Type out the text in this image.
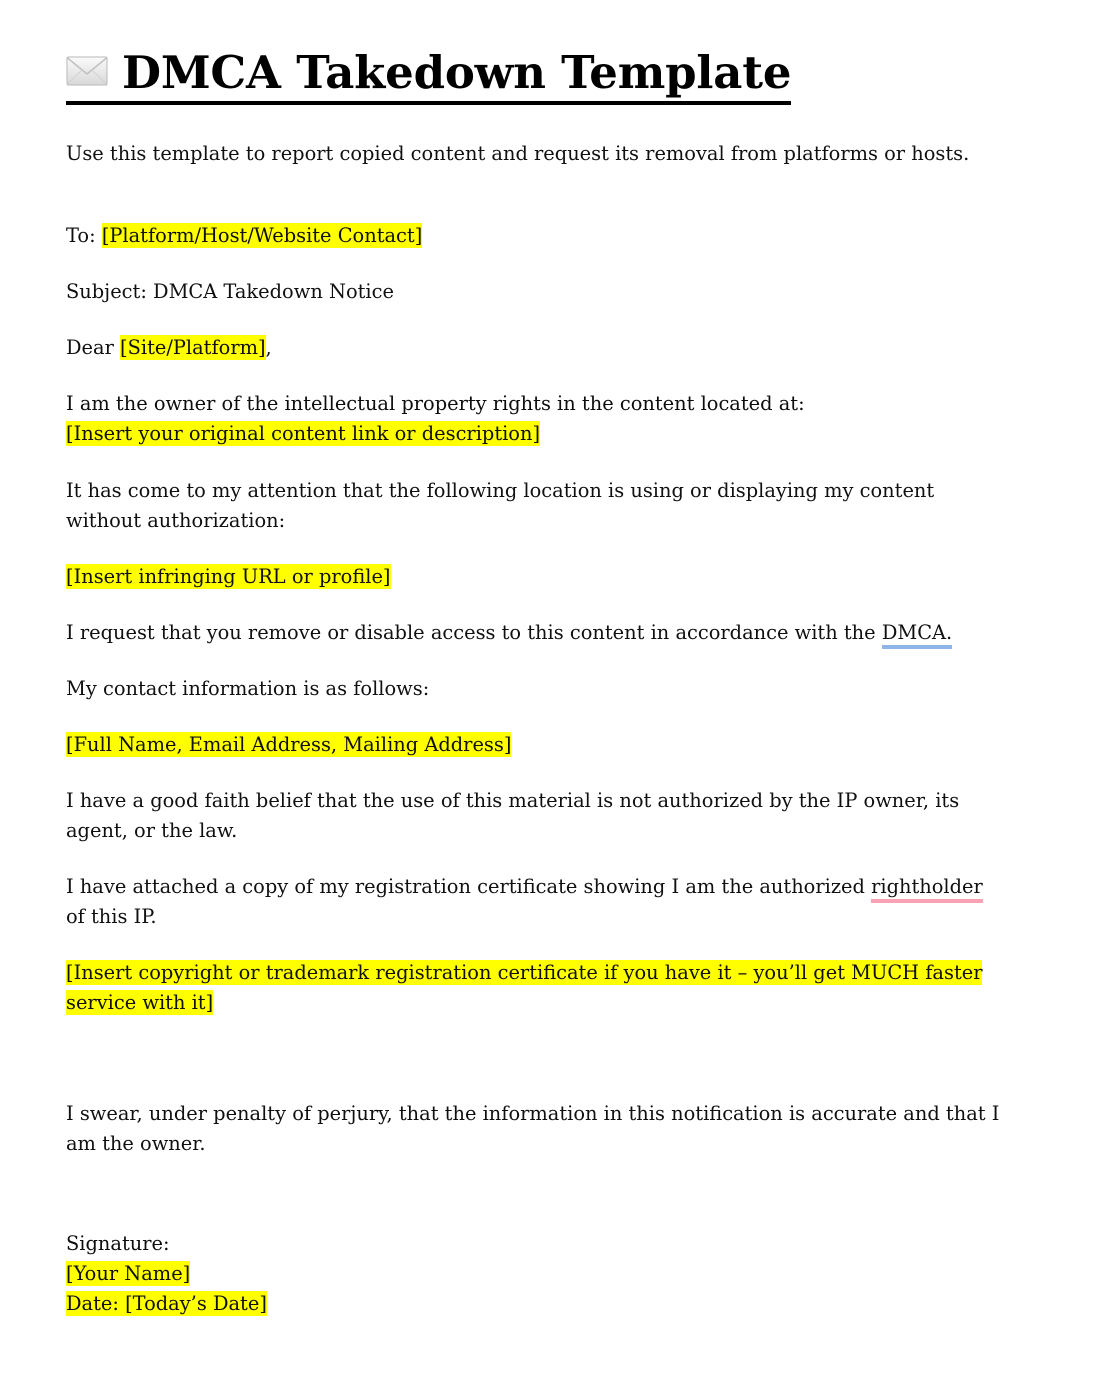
DMCA Takedown Template

Use this template to report copied content and request its removal from platforms or hosts.

To: [Platform/Host/Website Contact]

Subject: DMCA Takedown Notice

Dear [Site/Platform],

I am the owner of the intellectual property rights in the content located at:
[Insert your original content link or description]

It has come to my attention that the following location is using or displaying my content without authorization:

[Insert infringing URL or profile]

I request that you remove or disable access to this content in accordance with the DMCA.

My contact information is as follows:

[Full Name, Email Address, Mailing Address]

I have a good faith belief that the use of this material is not authorized by the IP owner, its agent, or the law.

I have attached a copy of my registration certificate showing I am the authorized rightholder of this IP.

[Insert copyright or trademark registration certificate if you have it – you’ll get MUCH faster service with it]

I swear, under penalty of perjury, that the information in this notification is accurate and that I am the owner.

Signature:
[Your Name]
Date: [Today’s Date]
